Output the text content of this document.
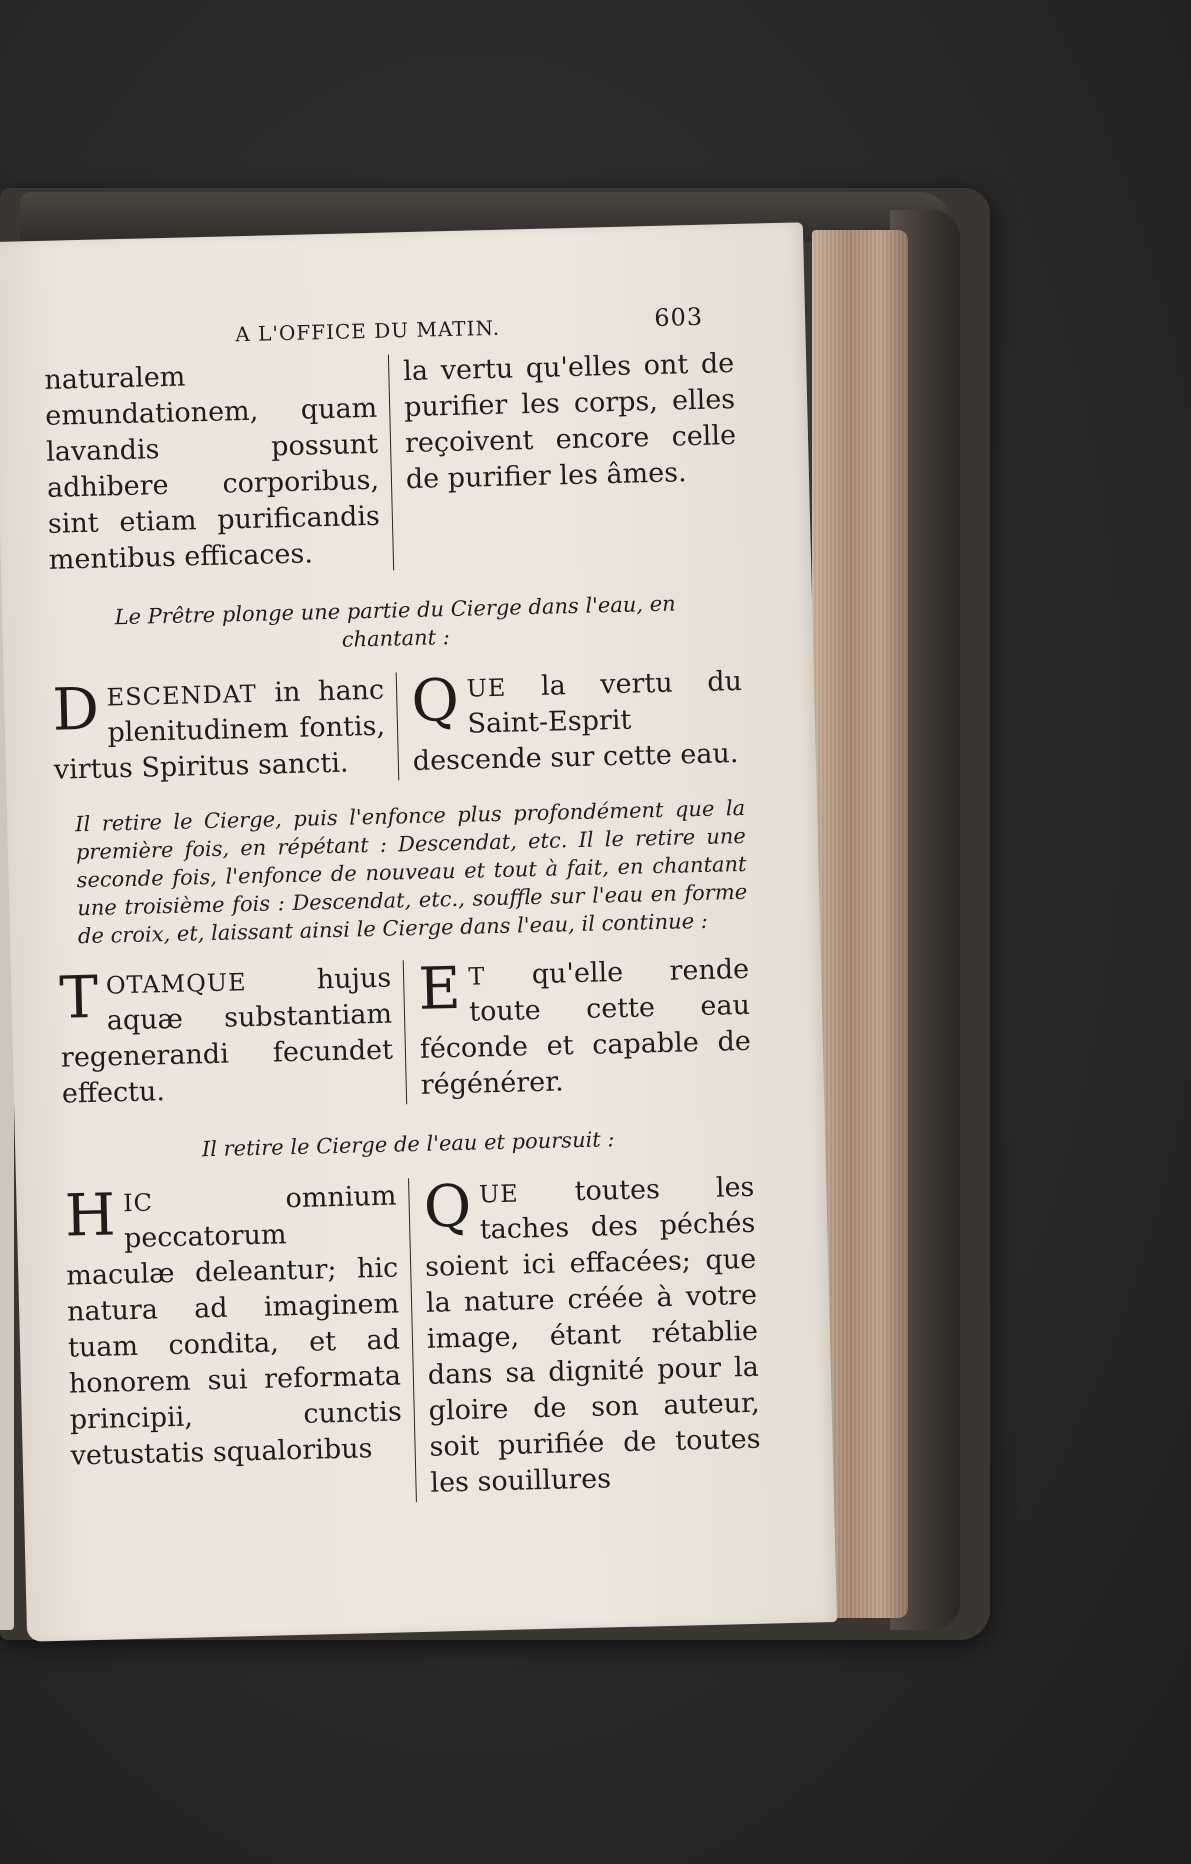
A L'OFFICE DU MATIN.	603
naturalem emundationem, quam lavandis possunt adhibere corporibus, sint etiam purificandis mentibus efficaces.
la vertu qu'elles ont de purifier les corps, elles reçoivent encore celle de purifier les âmes.
Le Prêtre plonge une partie du Cierge dans l'eau, en chantant :
DESCENDAT in hanc plenitudinem fontis, virtus Spiritus sancti.
QUE la vertu du Saint-Esprit descende sur cette eau.
Il retire le Cierge, puis l'enfonce plus profondément que la première fois, en répétant : Descendat, etc. Il le retire une seconde fois, l'enfonce de nouveau et tout à fait, en chantant une troisième fois : Descendat, etc., souffle sur l'eau en forme de croix, et, laissant ainsi le Cierge dans l'eau, il continue :
TOTAMQUE hujus aquæ substantiam regenerandi fecundet effectu.
E T qu'elle rende toute cette eau féconde et capable de régénérer.
Il retire le Cierge de l'eau et poursuit :
HIC omnium peccatorum maculæ deleantur; hic natura ad imaginem tuam condita, et ad honorem sui reformata principii, cunctis vetustatis squaloribus
QUE toutes les taches des péchés soient ici effacées; que la nature créée à votre image, étant rétablie dans sa dignité pour la gloire de son auteur, soit purifiée de toutes les souillures
